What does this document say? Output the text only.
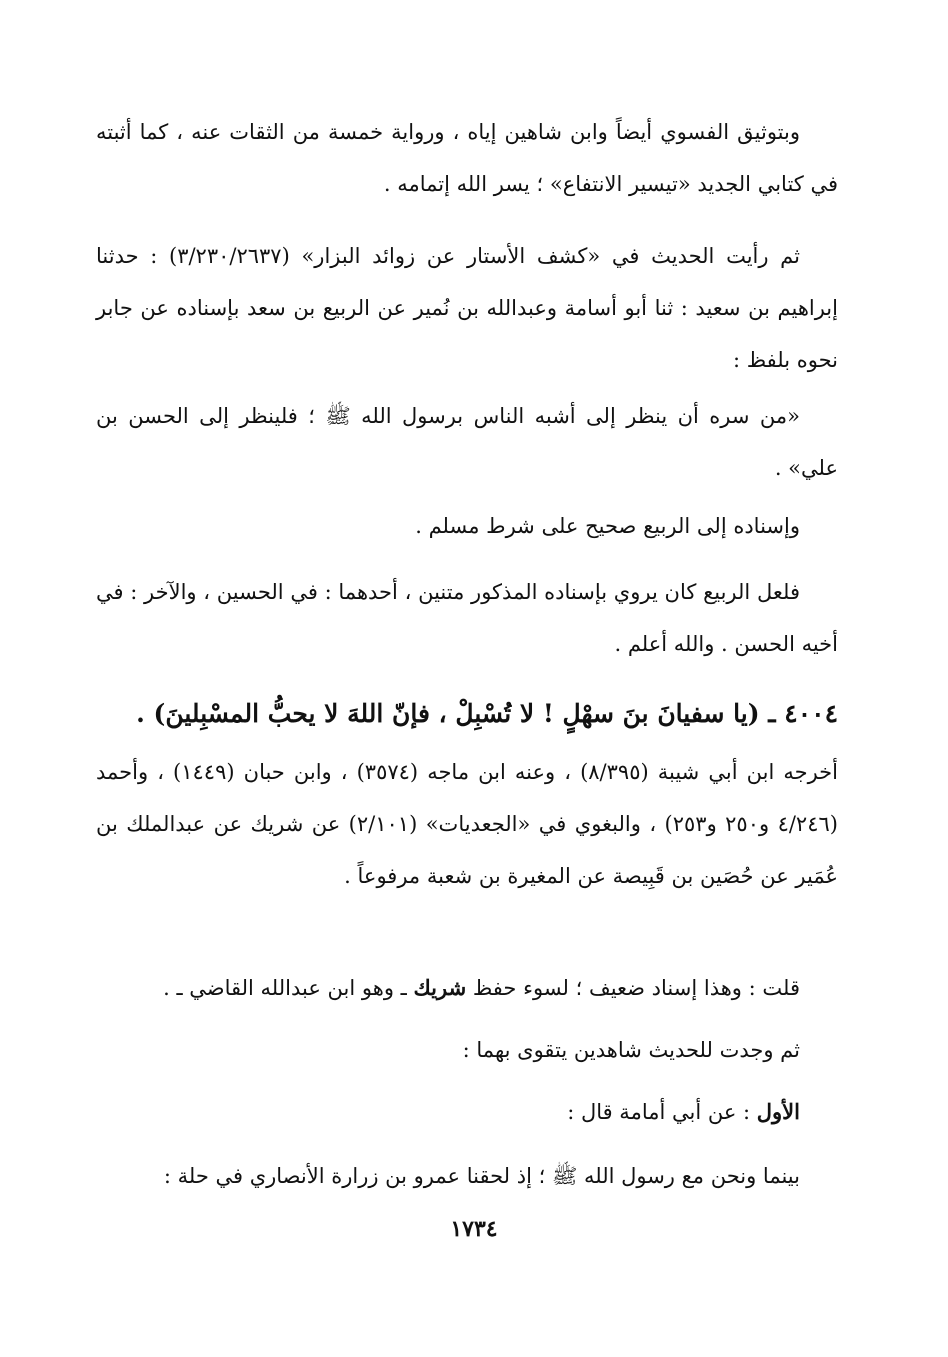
وبتوثيق الفسوي أيضاً وابن شاهين إياه ، ورواية خمسة من الثقات عنه ، كما أثبته في كتابي الجديد «تيسير الانتفاع» ؛ يسر الله إتمامه .

ثم رأيت الحديث في «كشف الأستار عن زوائد البزار» (٣/٢٣٠/٢٦٣٧) : حدثنا إبراهيم بن سعيد : ثنا أبو أسامة وعبدالله بن نُمير عن الربيع بن سعد بإسناده عن جابر نحوه بلفظ :

«من سره أن ينظر إلى أشبه الناس برسول الله ﷺ ؛ فلينظر إلى الحسن بن علي» .

وإسناده إلى الربيع صحيح على شرط مسلم .

فلعل الربيع كان يروي بإسناده المذكور متنين ، أحدهما : في الحسين ، والآخر : في أخيه الحسن . والله أعلم .

٤٠٠٤ ـ (يا سفيانَ بنَ سهْلٍ ! لا تُسْبِلْ ، فإنّ اللهَ لا يحبُّ المسْبِلينَ) .

أخرجه ابن أبي شيبة (٨/٣٩٥) ، وعنه ابن ماجه (٣٥٧٤) ، وابن حبان (١٤٤٩) ، وأحمد (٤/٢٤٦ و٢٥٠ و٢٥٣) ، والبغوي في «الجعديات» (٢/١٠١) عن شريك عن عبدالملك بن عُمَير عن حُصَين بن قَبِيصة عن المغيرة بن شعبة مرفوعاً .

قلت : وهذا إسناد ضعيف ؛ لسوء حفظ شريك ـ وهو ابن عبدالله القاضي ـ .

ثم وجدت للحديث شاهدين يتقوى بهما :

الأول : عن أبي أمامة قال :

بينما ونحن مع رسول الله ﷺ ؛ إذ لحقنا عمرو بن زرارة الأنصاري في حلة :

١٧٣٤
